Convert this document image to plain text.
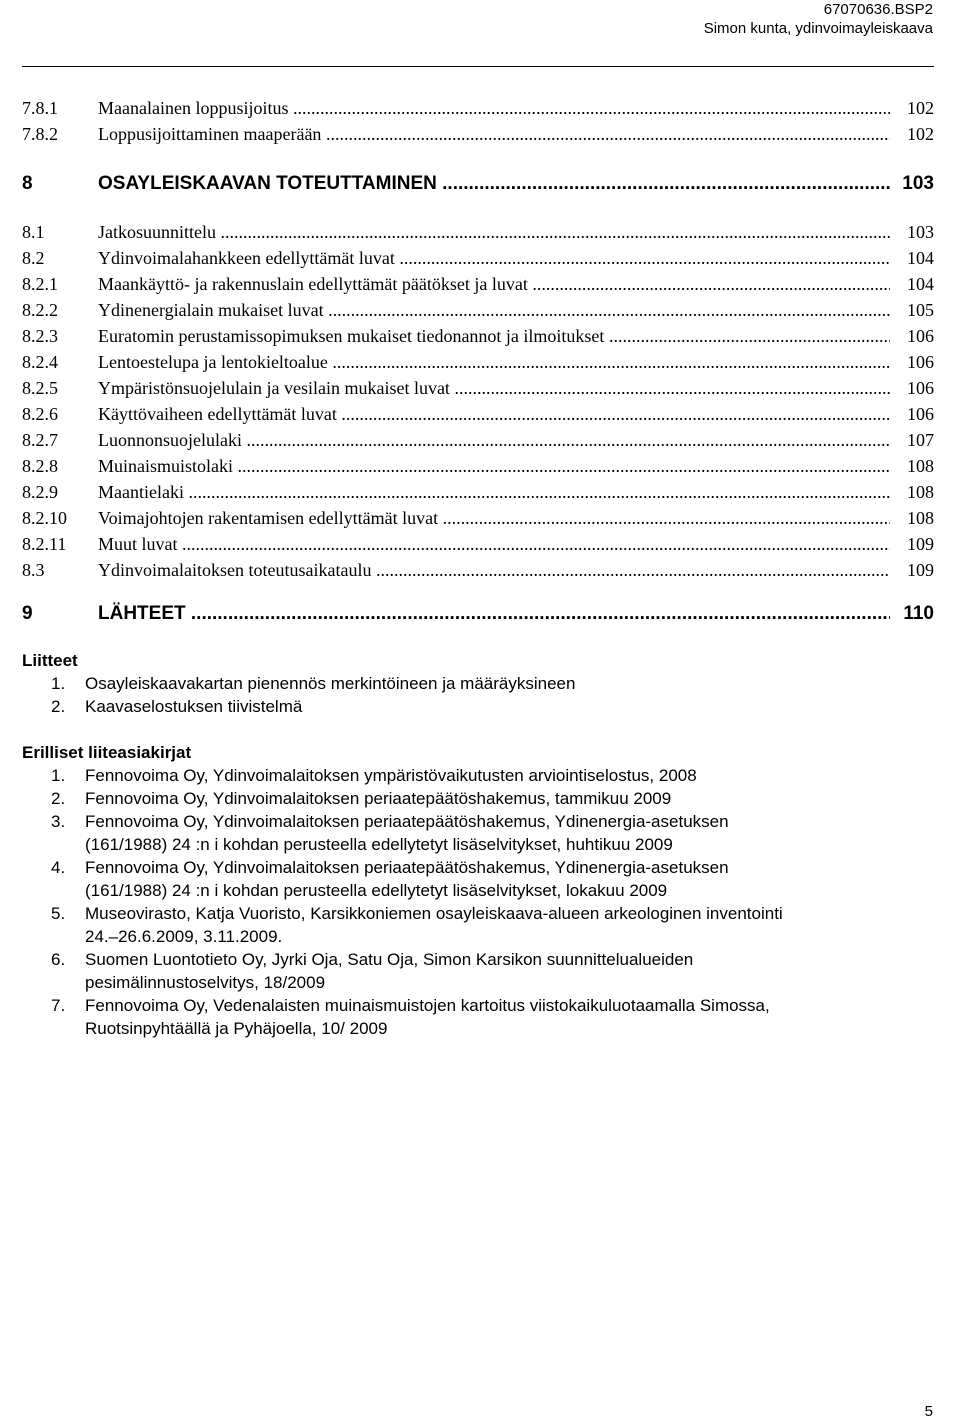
67070636.BSP2
Simon kunta, ydinvoimayleiskaava
7.8.1 Maanalainen loppusijoitus .....	102
7.8.2 Loppusijoittaminen maaperään .....	102
8	OSAYLEISKAAVAN TOTEUTTAMINEN .....	103
8.1	Jatkosuunnittelu .....	103
8.2	Ydinvoimalahankkeen edellyttämät luvat .....	104
8.2.1 Maankäyttö- ja rakennuslain edellyttämät päätökset ja luvat .....	104
8.2.2 Ydinenergialain mukaiset luvat .....	105
8.2.3 Euratomin perustamissopimuksen mukaiset tiedonannot ja ilmoitukset .....	106
8.2.4 Lentoestelupa ja lentokieltoalue .....	106
8.2.5 Ympäristönsuojelulain ja vesilain mukaiset luvat .....	106
8.2.6 Käyttövaiheen edellyttämät luvat .....	106
8.2.7 Luonnonsuojelulaki .....	107
8.2.8 Muinaismuistolaki .....	108
8.2.9 Maantielaki .....	108
8.2.10 Voimajohtojen rakentamisen edellyttämät luvat .....	108
8.2.11 Muut luvat .....	109
8.3	Ydinvoimalaitoksen toteutusaikataulu .....	109
9	LÄHTEET .....	110
Liitteet
1. Osayleiskaavakartan pienennös merkintöineen ja määräyksineen
2. Kaavaselostuksen tiivistelmä
Erilliset liiteasiakirjat
1. Fennovoima Oy, Ydinvoimalaitoksen ympäristövaikutusten arviointiselostus, 2008
2. Fennovoima Oy, Ydinvoimalaitoksen periaatepäätöshakemus, tammikuu 2009
3. Fennovoima Oy, Ydinvoimalaitoksen periaatepäätöshakemus, Ydinenergia-asetuksen
(161/1988) 24 :n i kohdan perusteella edellytetyt lisäselvitykset, huhtikuu 2009
4. Fennovoima Oy, Ydinvoimalaitoksen periaatepäätöshakemus, Ydinenergia-asetuksen
(161/1988) 24 :n i kohdan perusteella edellytetyt lisäselvitykset, lokakuu 2009
5. Museovirasto, Katja Vuoristo, Karsikkoniemen osayleiskaava-alueen arkeologinen inventointi
24.–26.6.2009, 3.11.2009.
6. Suomen Luontotieto Oy, Jyrki Oja, Satu Oja, Simon Karsikon suunnittelualueiden
pesimälinnustoselvitys, 18/2009
7. Fennovoima Oy, Vedenalaisten muinaismuistojen kartoitus viistokaikuluotaamalla Simossa,
Ruotsinpyhtäällä ja Pyhäjoella, 10/ 2009
5
